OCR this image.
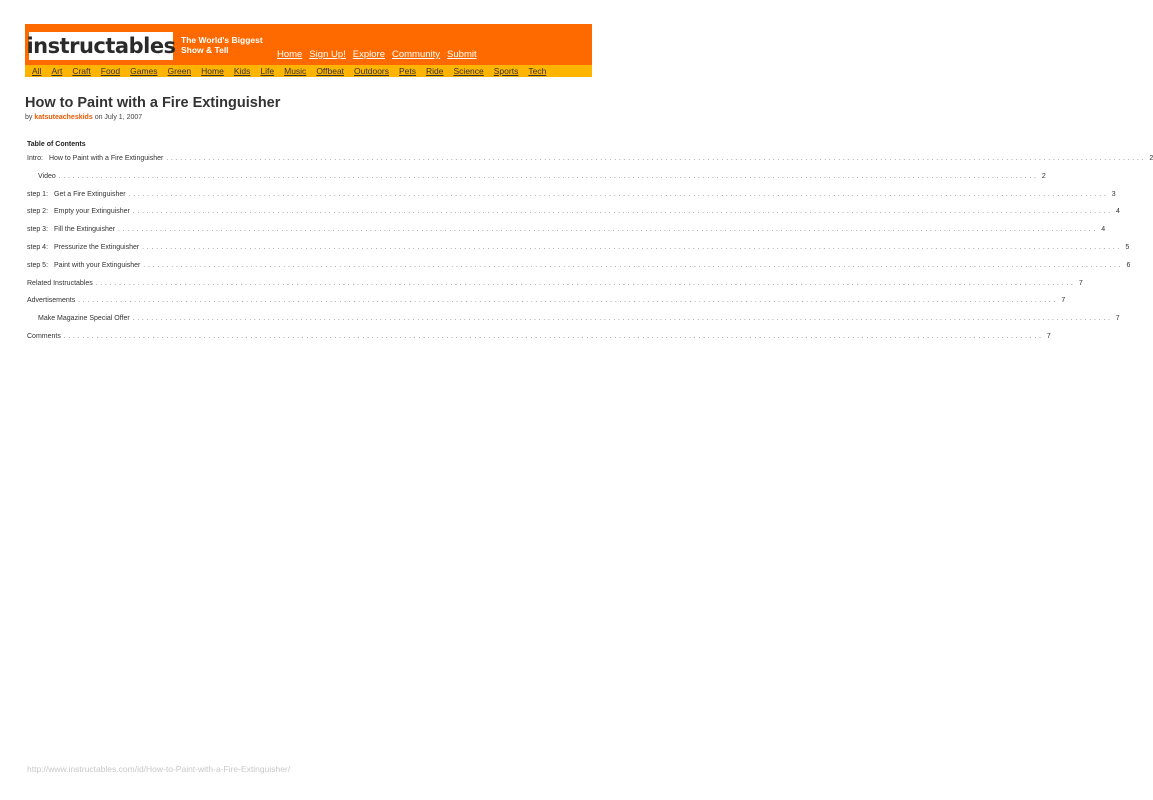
instructables The World's Biggest
Show & Tell	Home Sign Up! Explore Community Submit
All Art Craft Food Games Green Home Kids Life Music Offbeat Outdoors Pets Ride Science Sports Tech
How to Paint with a Fire Extinguisher
by katsuteacheskids on July 1, 2007
Table of Contents
Intro: How to Paint with a Fire Extinguisher .................................................................................................................................................................................................................. 2
Video .................................................................................................................................................................................................................. 2
step 1: Get a Fire Extinguisher .................................................................................................................................................................................................................. 3
step 2: Empty your Extinguisher .................................................................................................................................................................................................................. 4
step 3: Fill the Extinguisher .................................................................................................................................................................................................................. 4
step 4: Pressurize the Extinguisher .................................................................................................................................................................................................................. 5
step 5: Paint with your Extinguisher .................................................................................................................................................................................................................. 6
Related Instructables .................................................................................................................................................................................................................. 7
Advertisements .................................................................................................................................................................................................................. 7
Make Magazine Special Offer .................................................................................................................................................................................................................. 7
Comments .................................................................................................................................................................................................................. 7
http://www.instructables.com/id/How-to-Paint-with-a-Fire-Extinguisher/
